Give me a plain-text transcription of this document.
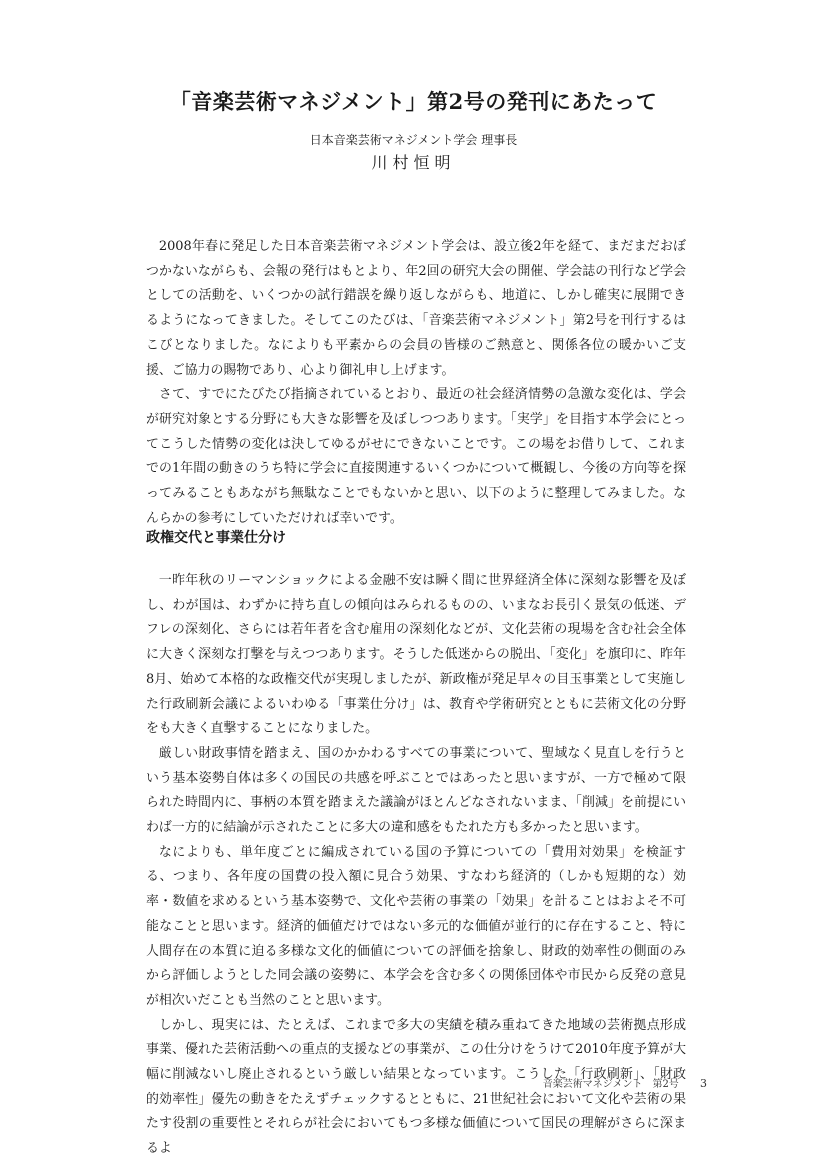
「音楽芸術マネジメント」第2号の発刊にあたって

日本音楽芸術マネジメント学会 理事長

川村恒明

2008年春に発足した日本音楽芸術マネジメント学会は、設立後2年を経て、まだまだおぼつかないながらも、会報の発行はもとより、年2回の研究大会の開催、学会誌の刊行など学会としての活動を、いくつかの試行錯誤を繰り返しながらも、地道に、しかし確実に展開できるようになってきました。そしてこのたびは、「音楽芸術マネジメント」第2号を刊行するはこびとなりました。なによりも平素からの会員の皆様のご熱意と、関係各位の暖かいご支援、ご協力の賜物であり、心より御礼申し上げます。

さて、すでにたびたび指摘されているとおり、最近の社会経済情勢の急激な変化は、学会が研究対象とする分野にも大きな影響を及ぼしつつあります。「実学」を目指す本学会にとってこうした情勢の変化は決してゆるがせにできないことです。この場をお借りして、これまでの1年間の動きのうち特に学会に直接関連するいくつかについて概観し、今後の方向等を探ってみることもあながち無駄なことでもないかと思い、以下のように整理してみました。なんらかの参考にしていただければ幸いです。

政権交代と事業仕分け

一昨年秋のリーマンショックによる金融不安は瞬く間に世界経済全体に深刻な影響を及ぼし、わが国は、わずかに持ち直しの傾向はみられるものの、いまなお長引く景気の低迷、デフレの深刻化、さらには若年者を含む雇用の深刻化などが、文化芸術の現場を含む社会全体に大きく深刻な打撃を与えつつあります。そうした低迷からの脱出、「変化」を旗印に、昨年8月、始めて本格的な政権交代が実現しましたが、新政権が発足早々の目玉事業として実施した行政刷新会議によるいわゆる「事業仕分け」は、教育や学術研究とともに芸術文化の分野をも大きく直撃することになりました。

厳しい財政事情を踏まえ、国のかかわるすべての事業について、聖域なく見直しを行うという基本姿勢自体は多くの国民の共感を呼ぶことではあったと思いますが、一方で極めて限られた時間内に、事柄の本質を踏まえた議論がほとんどなされないまま、「削減」を前提にいわば一方的に結論が示されたことに多大の違和感をもたれた方も多かったと思います。

なによりも、単年度ごとに編成されている国の予算についての「費用対効果」を検証する、つまり、各年度の国費の投入額に見合う効果、すなわち経済的（しかも短期的な）効率・数値を求めるという基本姿勢で、文化や芸術の事業の「効果」を計ることはおよそ不可能なことと思います。経済的価値だけではない多元的な価値が並行的に存在すること、特に人間存在の本質に迫る多様な文化的価値についての評価を捨象し、財政的効率性の側面のみから評価しようとした同会議の姿勢に、本学会を含む多くの関係団体や市民から反発の意見が相次いだことも当然のことと思います。

しかし、現実には、たとえば、これまで多大の実績を積み重ねてきた地域の芸術拠点形成事業、優れた芸術活動への重点的支援などの事業が、この仕分けをうけて2010年度予算が大幅に削減ないし廃止されるという厳しい結果となっています。こうした「行政刷新」、「財政的効率性」優先の動きをたえずチェックするとともに、21世紀社会において文化や芸術の果たす役割の重要性とそれらが社会においてもつ多様な価値について国民の理解がさらに深まるよ

音楽芸術マネジメント　第2号 3
